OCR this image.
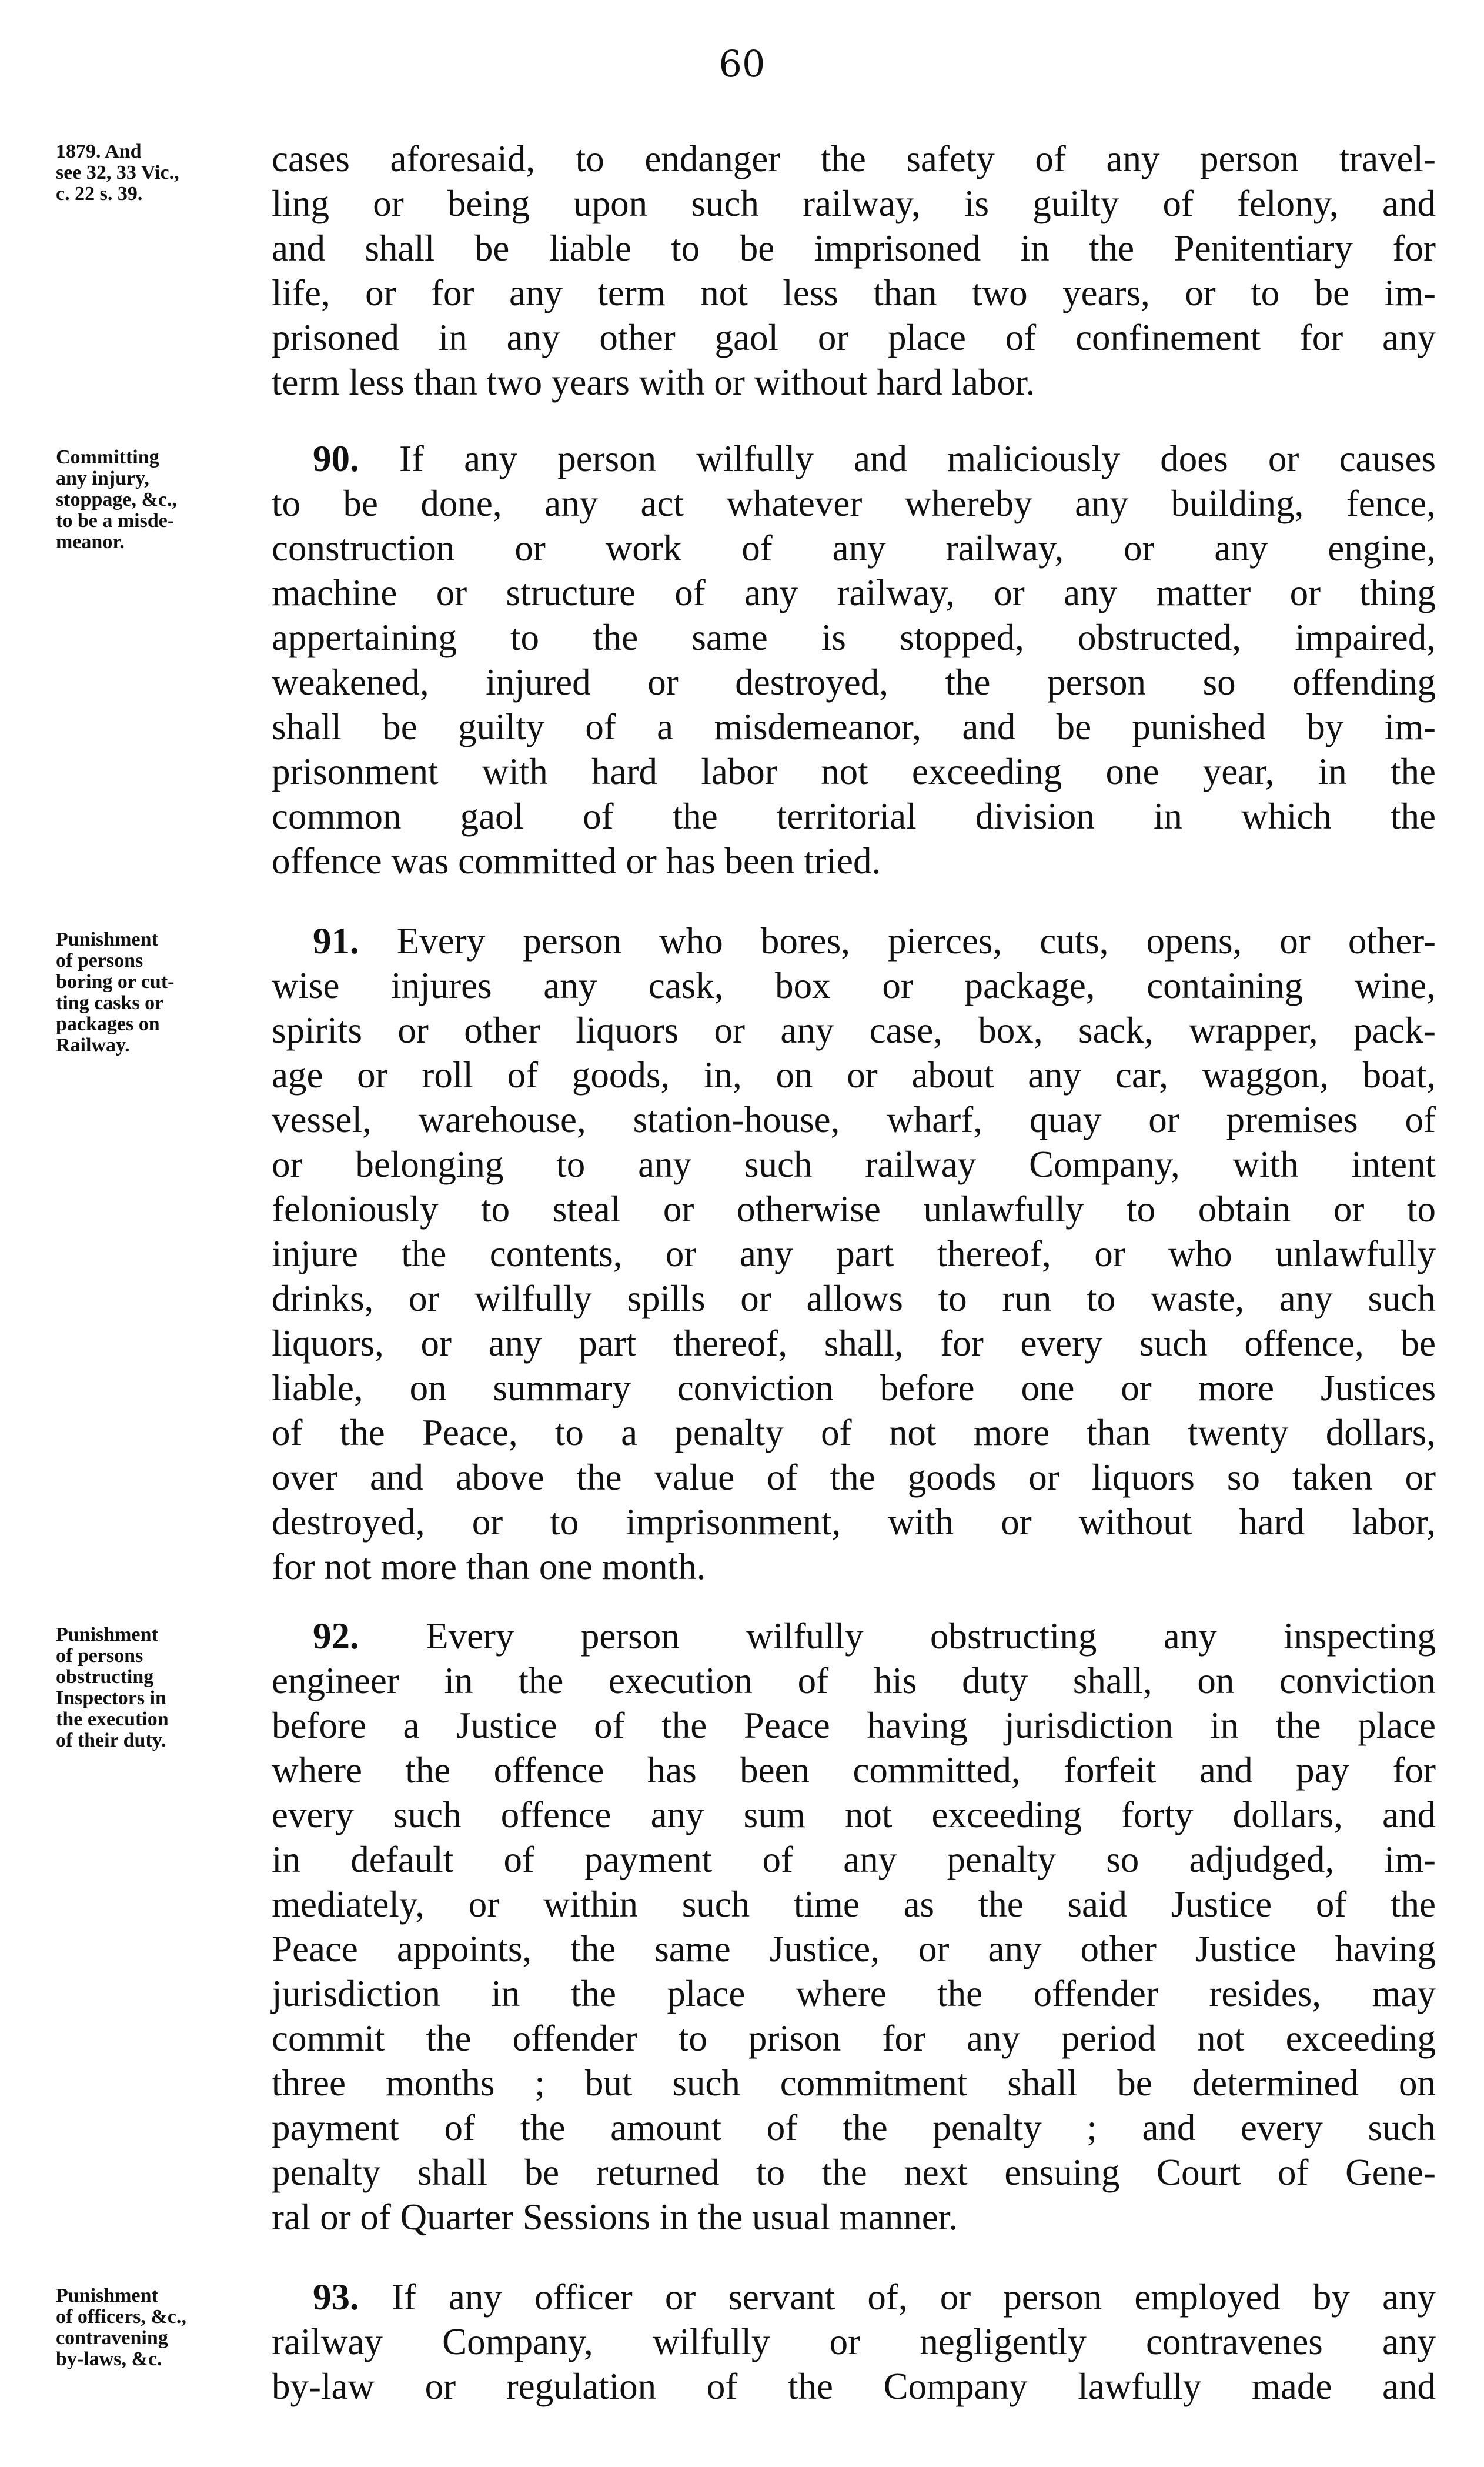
60
1879. And
see 32, 33 Vic.,
c. 22 s. 39.
cases aforesaid, to endanger the safety of any person travel-
ling or being upon such railway, is guilty of felony, and
and shall be liable to be imprisoned in the Penitentiary for
life, or for any term not less than two years, or to be im-
prisoned in any other gaol or place of confinement for any
term less than two years with or without hard labor.
Committing
any injury,
stoppage, &c.,
to be a misde-
meanor.
90. If any person wilfully and maliciously does or causes
to be done, any act whatever whereby any building, fence,
construction or work of any railway, or any engine,
machine or structure of any railway, or any matter or thing
appertaining to the same is stopped, obstructed, impaired,
weakened, injured or destroyed, the person so offending
shall be guilty of a misdemeanor, and be punished by im-
prisonment with hard labor not exceeding one year, in the
common gaol of the territorial division in which the
offence was committed or has been tried.
Punishment
of persons
boring or cut-
ting casks or
packages on
Railway.
91. Every person who bores, pierces, cuts, opens, or other-
wise injures any cask, box or package, containing wine,
spirits or other liquors or any case, box, sack, wrapper, pack-
age or roll of goods, in, on or about any car, waggon, boat,
vessel, warehouse, station-house, wharf, quay or premises of
or belonging to any such railway Company, with intent
feloniously to steal or otherwise unlawfully to obtain or to
injure the contents, or any part thereof, or who unlawfully
drinks, or wilfully spills or allows to run to waste, any such
liquors, or any part thereof, shall, for every such offence, be
liable, on summary conviction before one or more Justices
of the Peace, to a penalty of not more than twenty dollars,
over and above the value of the goods or liquors so taken or
destroyed, or to imprisonment, with or without hard labor,
for not more than one month.
Punishment
of persons
obstructing
Inspectors in
the execution
of their duty.
92. Every person wilfully obstructing any inspecting
engineer in the execution of his duty shall, on conviction
before a Justice of the Peace having jurisdiction in the place
where the offence has been committed, forfeit and pay for
every such offence any sum not exceeding forty dollars, and
in default of payment of any penalty so adjudged, im-
mediately, or within such time as the said Justice of the
Peace appoints, the same Justice, or any other Justice having
jurisdiction in the place where the offender resides, may
commit the offender to prison for any period not exceeding
three months ; but such commitment shall be determined on
payment of the amount of the penalty ; and every such
penalty shall be returned to the next ensuing Court of Gene-
ral or of Quarter Sessions in the usual manner.
Punishment
of officers, &c.,
contravening
by-laws, &c.
93. If any officer or servant of, or person employed by any
railway Company, wilfully or negligently contravenes any
by-law or regulation of the Company lawfully made and
